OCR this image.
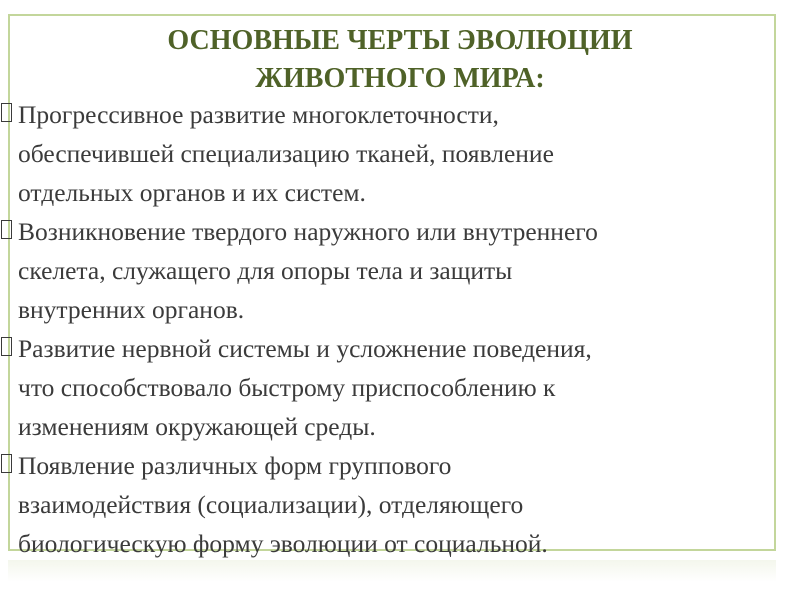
ОСНОВНЫЕ ЧЕРТЫ ЭВОЛЮЦИИ
ЖИВОТНОГО МИРА:
Прогрессивное развитие многоклеточности,
обеспечившей специализацию тканей, появление
отдельных органов и их систем.
Возникновение твердого наружного или внутреннего
скелета, служащего для опоры тела и защиты
внутренних органов.
Развитие нервной системы и усложнение поведения,
что способствовало быстрому приспособлению к
изменениям окружающей среды.
Появление различных форм группового
взаимодействия (социализации), отделяющего
биологическую форму эволюции от социальной.
